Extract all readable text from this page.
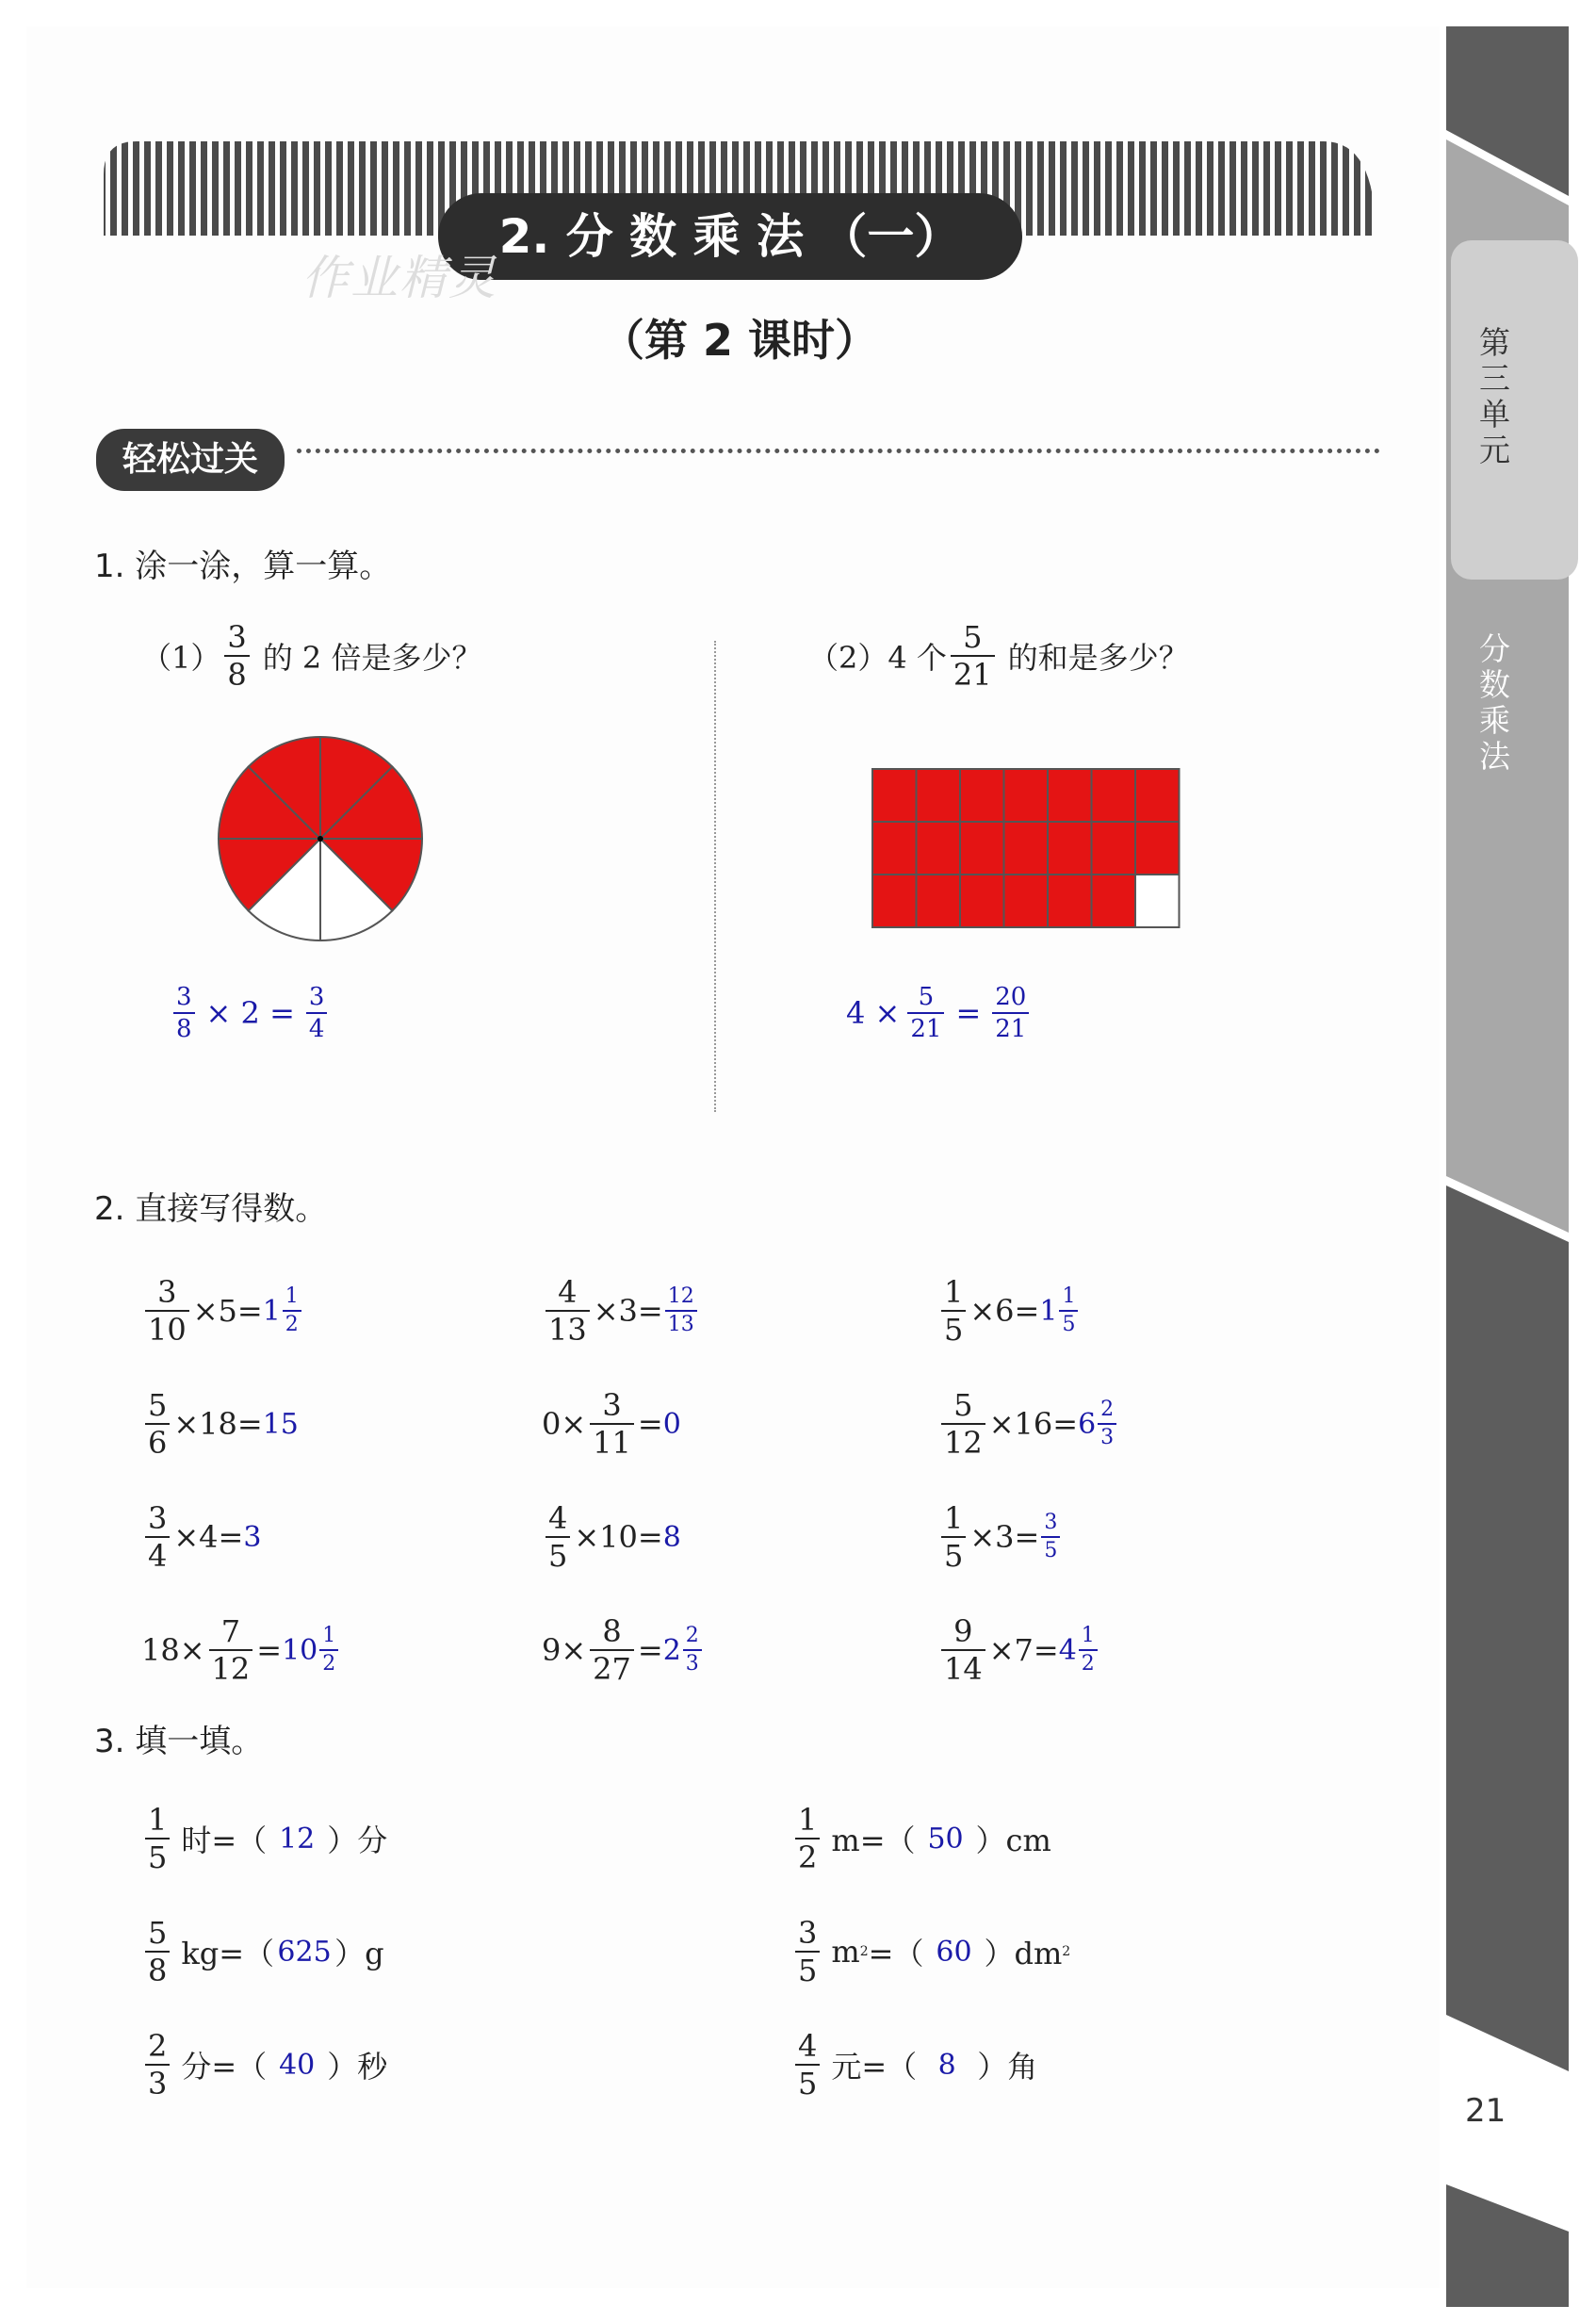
第三单元
分数乘法
21
2. 分 数 乘 法 （一）
作业精灵
（第 2 课时）
轻松过关
1. 涂一涂，算一算。
$(1) \frac{3}{8}$ 的 2 倍是多少？
$\frac{3}{8} \times 2 = \frac{3}{4}$
（2）4 个 $\frac{5}{21}$ 的和是多少？
$4 \times \frac{5}{21} = \frac{20}{21}$
2. 直接写得数。
$\frac{3}{10} \times 5= 1 \frac{1}{2}$	$\frac{4}{13} \times 3= \frac{12}{13}$	$\frac{1}{5} \times 6= 1 \frac{1}{5}$
$\frac{5}{6} \times 18= 15$	$0\times \frac{3}{11} = 0$	$\frac{5}{12} \times 16= 6 \frac{2}{3}$
$\frac{3}{4} \times 4= 3$	$\frac{4}{5} \times 10= 8$	$\frac{1}{5} \times 3= \frac{3}{5}$
$18\times \frac{7}{12} = 10 \frac{1}{2}$	$9\times \frac{8}{27} = 2 \frac{2}{3}$	$\frac{9}{14} \times 7= 4 \frac{1}{2}$
3. 填一填。
$\frac{1}{5}$ 时=（ 12 ）分	$\frac{1}{2} m=$（ 50 ）cm
$\frac{5}{8} kg=$（ 625 ）g	$\frac{3}{5}$ m 2 =（ 60 ）dm 2
$\frac{2}{3}$ 分=（ 40 ）秒	$\frac{4}{5}$ 元=（ 8 ）角
